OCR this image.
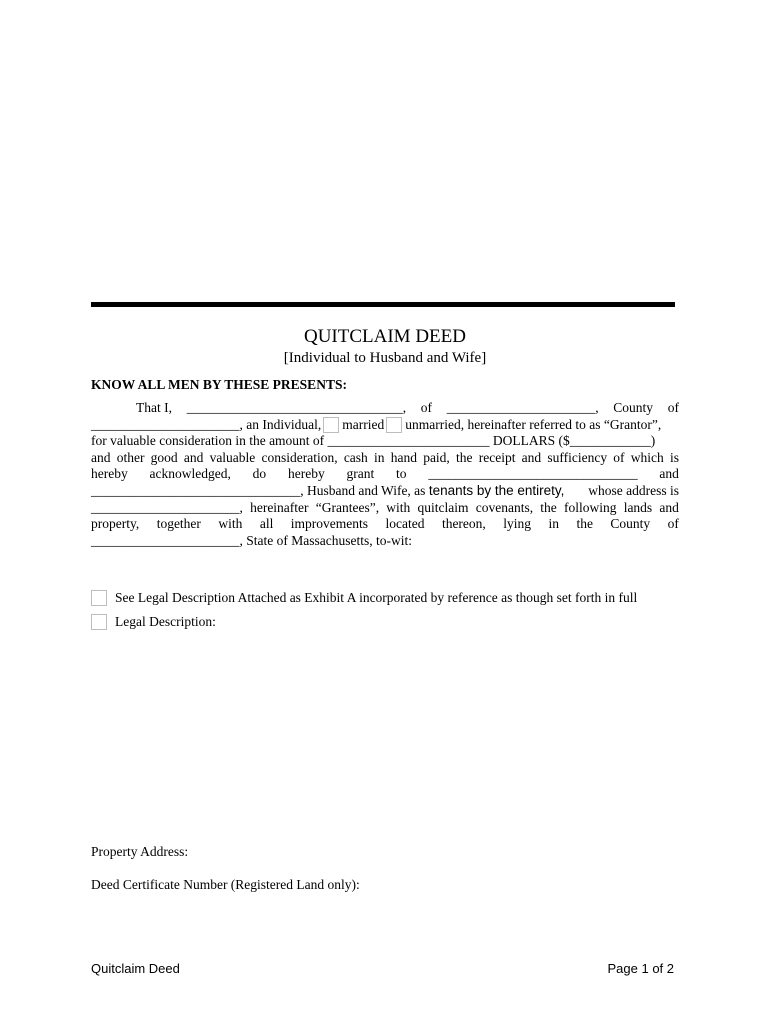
QUITCLAIM DEED
[Individual to Husband and Wife]
KNOW ALL MEN BY THESE PRESENTS:
That I, ________________________________, of ______________________, County of
______________________, an Individual, married unmarried, hereinafter referred to as “Grantor”,
for valuable consideration in the amount of ________________________ DOLLARS ($____________)
and other good and valuable consideration, cash in hand paid, the receipt and sufficiency of which is
hereby acknowledged, do hereby grant to _______________________________ and
_______________________________, Husband and Wife, as
tenants by the entirety,
whose address is
______________________, hereinafter “Grantees”, with quitclaim covenants, the following lands and
property, together with all improvements located thereon, lying in the County of
______________________, State of Massachusetts, to-wit:
See Legal Description Attached as Exhibit A incorporated by reference as though set forth in full
Legal Description:
Property Address:
Deed Certificate Number (Registered Land only):
Quitclaim Deed	Page 1 of 2
